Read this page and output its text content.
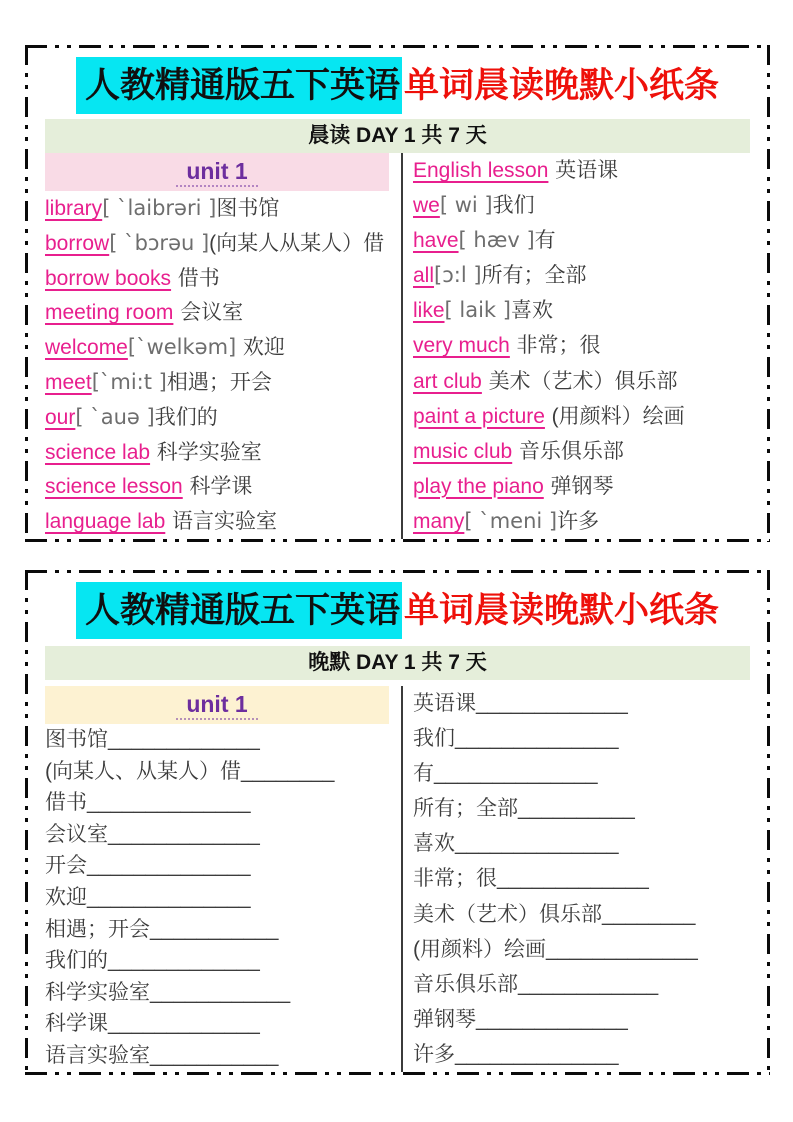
人教精通版五下英语 单词晨读晚默小纸条
晨读 DAY 1 共 7 天
unit 1
library[ `laibrəri ]图书馆
borrow[ `bɔrəu ](向某人从某人）借
borrow books 借书
meeting room 会议室
welcome[`welkəm] 欢迎
meet[`mi:t ]相遇；开会
our[ `auə ]我们的
science lab 科学实验室
science lesson 科学课
language lab 语言实验室
English lesson 英语课
we[ wi ]我们
have[ hæv ]有
all[ɔ:l ]所有；全部
like[ laik ]喜欢
very much 非常；很
art club 美术（艺术）俱乐部
paint a picture (用颜料）绘画
music club 音乐俱乐部
play the piano 弹钢琴
many[ `meni ]许多
人教精通版五下英语 单词晨读晚默小纸条
晚默 DAY 1 共 7 天
unit 1
图书馆_____________
(向某人、从某人）借________
借书______________
会议室_____________
开会______________
欢迎______________
相遇；开会___________
我们的_____________
科学实验室____________
科学课_____________
语言实验室___________
英语课_____________
我们______________
有______________
所有；全部__________
喜欢______________
非常；很_____________
美术（艺术）俱乐部________
(用颜料）绘画_____________
音乐俱乐部____________
弹钢琴_____________
许多______________
